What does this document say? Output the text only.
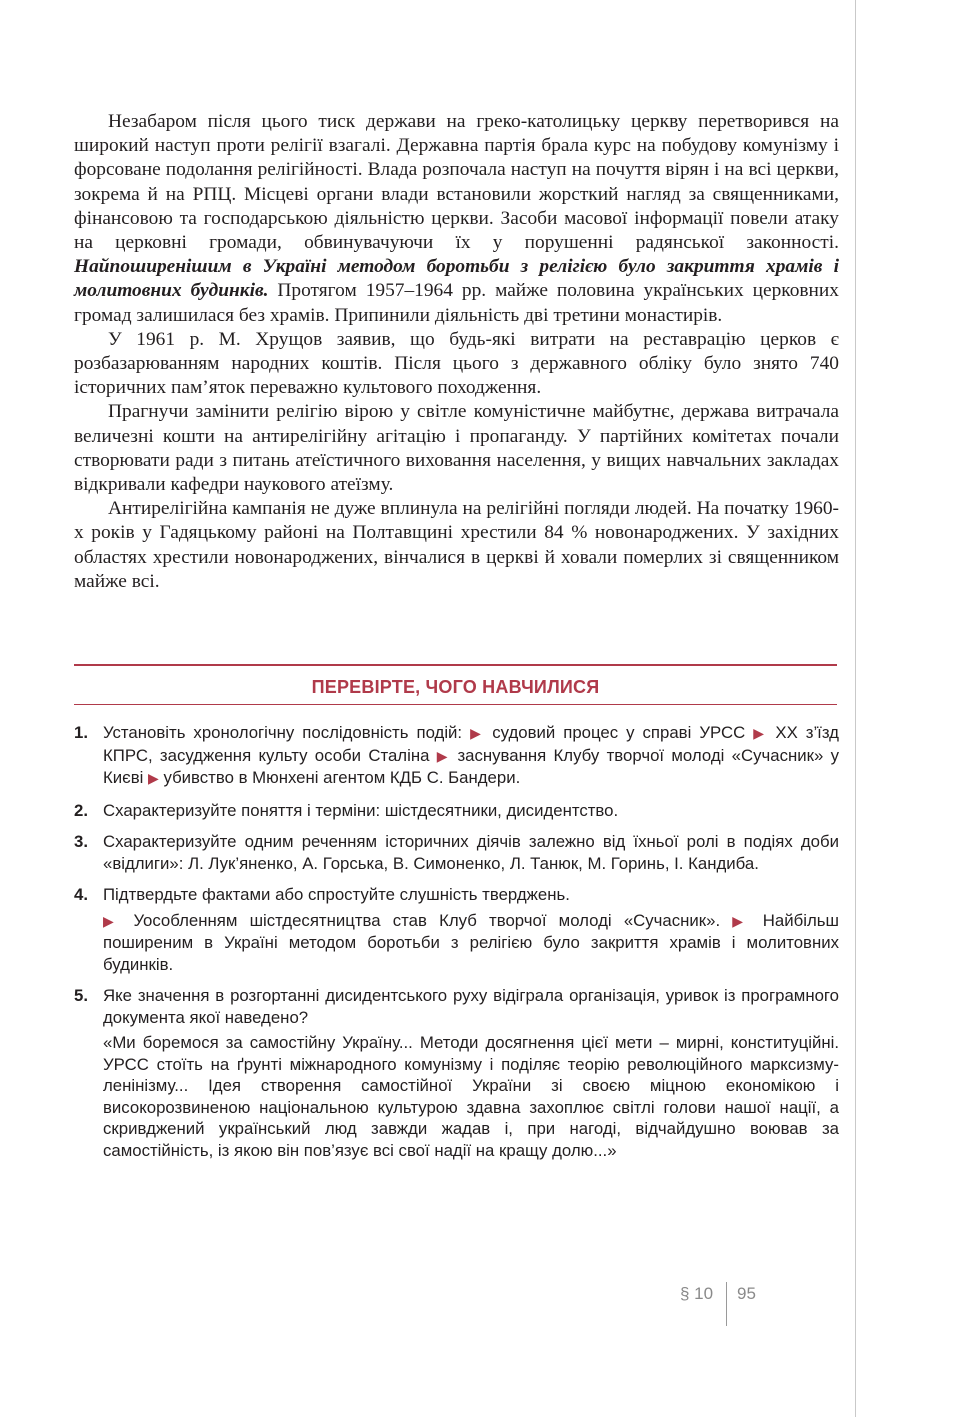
Незабаром після цього тиск держави на греко-католицьку церкву перетворився на широкий наступ проти релігії взагалі. Державна партія брала курс на побудову комунізму і форсоване подолання релігійності. Влада розпочала наступ на почуття вірян і на всі церкви, зокрема й на РПЦ. Місцеві органи влади встановили жорсткий нагляд за священниками, фінансовою та господарською діяльністю церкви. Засоби масової інформації повели атаку на церковні громади, обвинувачуючи їх у порушенні радянської законності. Найпоширенішим в Україні методом боротьби з релігією було закриття храмів і молитовних будинків. Протягом 1957–1964 рр. майже половина українських церковних громад залишилася без храмів. Припинили діяльність дві третини монастирів.

У 1961 р. М. Хрущов заявив, що будь-які витрати на реставрацію церков є розбазарюванням народних коштів. Після цього з державного обліку було знято 740 історичних пам’яток переважно культового походження.

Прагнучи замінити релігію вірою у світле комуністичне майбутнє, держава витрачала величезні кошти на антирелігійну агітацію і пропаганду. У партійних комітетах почали створювати ради з питань атеїстичного виховання населення, у вищих навчальних закладах відкривали кафедри наукового атеїзму.

Антирелігійна кампанія не дуже вплинула на релігійні погляди людей. На початку 1960-х років у Гадяцькому районі на Полтавщині хрестили 84 % новонароджених. У західних областях хрестили новонароджених, вінчалися в церкві й ховали померлих зі священником майже всі.

ПЕРЕВІРТЕ, ЧОГО НАВЧИЛИСЯ
1. Установіть хронологічну послідовність подій: ▶ судовий процес у справі УРСС ▶ XX з’їзд КПРС, засудження культу особи Сталіна ▶ заснування Клубу творчої молоді «Сучасник» у Києві ▶ убивство в Мюнхені агентом КДБ С. Бандери.

2. Схарактеризуйте поняття і терміни: шістдесятники, дисидентство.

3. Схарактеризуйте одним реченням історичних діячів залежно від їхньої ролі в подіях доби «відлиги»: Л. Лук’яненко, А. Горська, В. Симоненко, Л. Танюк, М. Горинь, І. Кандиба.

4. Підтвердьте фактами або спростуйте слушність тверджень.

▶ Уособленням шістдесятництва став Клуб творчої молоді «Сучасник». ▶ Найбільш поширеним в Україні методом боротьби з релігією було закриття храмів і молитовних будинків.

5. Яке значення в розгортанні дисидентського руху відіграла організація, уривок із програмного документа якої наведено?

«Ми боремося за самостійну Україну... Методи досягнення цієї мети – мирні, конституційні. УРСС стоїть на ґрунті міжнародного комунізму і поділяє теорію революційного марксизму-ленінізму... Ідея створення самостійної України зі своєю міцною економікою і високорозвиненою національною культурою здавна захоплює світлі голови нашої нації, а скривджений український люд завжди жадав і, при нагоді, відчайдушно воював за самостійність, із якою він пов’язує всі свої надії на кращу долю...»

§ 10 95
